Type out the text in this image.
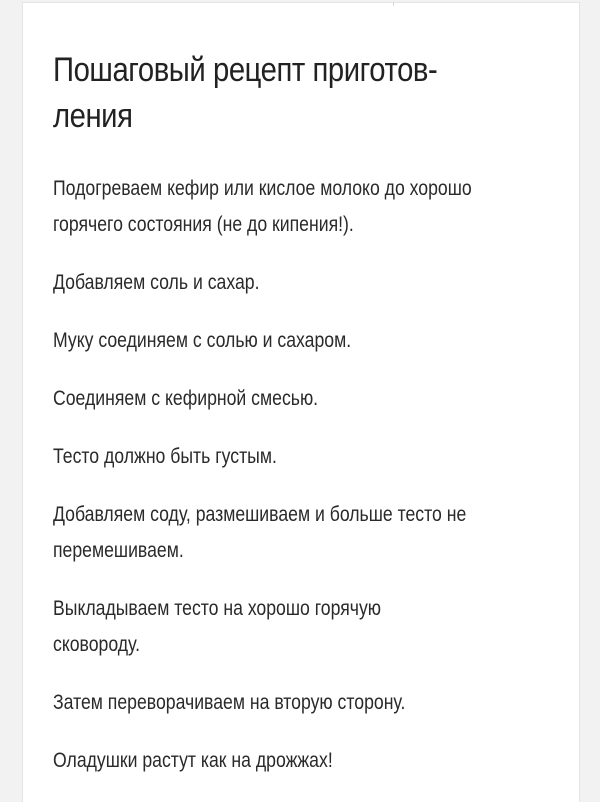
Пошаговый рецепт приготов-
ления
Подогреваем кефир или кислое молоко до хорошо
горячего состояния (не до кипения!).
Добавляем соль и сахар.
Муку соединяем с солью и сахаром.
Соединяем с кефирной смесью.
Тесто должно быть густым.
Добавляем соду, размешиваем и больше тесто не
перемешиваем.
Выкладываем тесто на хорошо горячую
сковороду.
Затем переворачиваем на вторую сторону.
Оладушки растут как на дрожжах!
